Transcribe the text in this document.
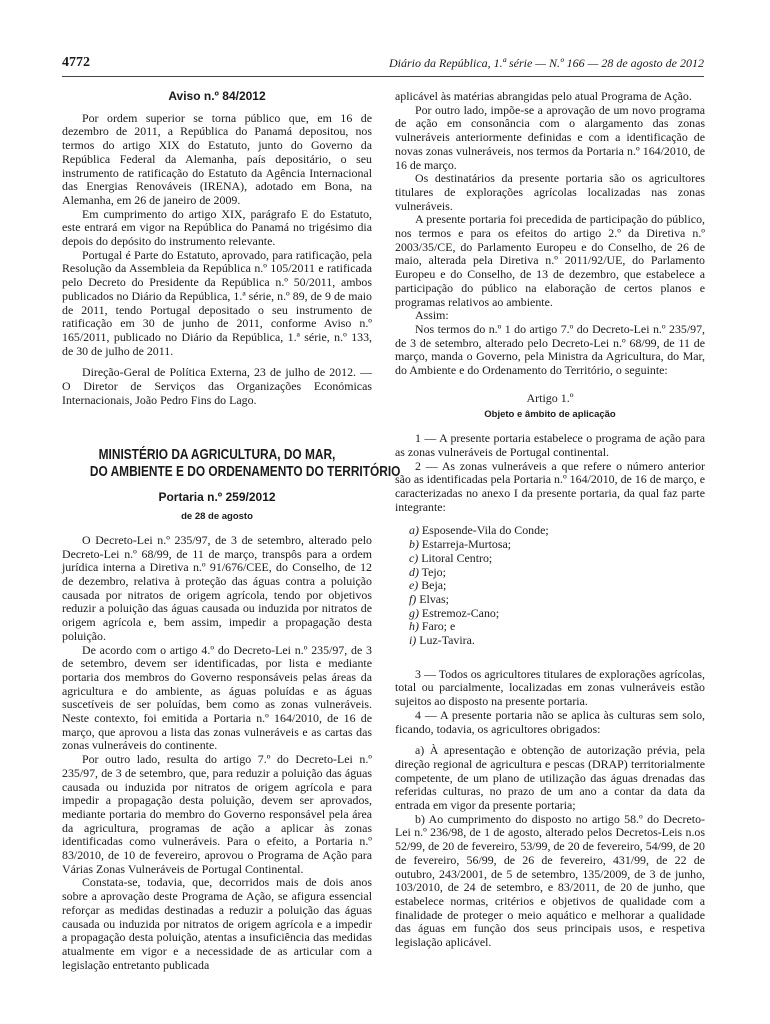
4772	Diário da República, 1.ª série — N.º 166 — 28 de agosto de 2012

Aviso n.º 84/2012

Por ordem superior se torna público que, em 16 de dezembro de 2011, a República do Panamá depositou, nos termos do artigo XIX do Estatuto, junto do Governo da República Federal da Alemanha, país depositário, o seu instrumento de ratificação do Estatuto da Agência Internacional das Energias Renováveis (IRENA), adotado em Bona, na Alemanha, em 26 de janeiro de 2009.

Em cumprimento do artigo XIX, parágrafo E do Estatuto, este entrará em vigor na República do Panamá no trigésimo dia depois do depósito do instrumento relevante.

Portugal é Parte do Estatuto, aprovado, para ratificação, pela Resolução da Assembleia da República n.º 105/2011 e ratificada pelo Decreto do Presidente da República n.º 50/2011, ambos publicados no Diário da República, 1.ª série, n.º 89, de 9 de maio de 2011, tendo Portugal depositado o seu instrumento de ratificação em 30 de junho de 2011, conforme Aviso n.º 165/2011, publicado no Diário da República, 1.ª série, n.º 133, de 30 de julho de 2011.

Direção-Geral de Política Externa, 23 de julho de 2012. — O Diretor de Serviços das Organizações Económicas Internacionais, João Pedro Fins do Lago.

MINISTÉRIO DA AGRICULTURA, DO MAR,
DO AMBIENTE E DO ORDENAMENTO DO TERRITÓRIO

Portaria n.º 259/2012

de 28 de agosto

O Decreto-Lei n.º 235/97, de 3 de setembro, alterado pelo Decreto-Lei n.º 68/99, de 11 de março, transpôs para a ordem jurídica interna a Diretiva n.º 91/676/CEE, do Conselho, de 12 de dezembro, relativa à proteção das águas contra a poluição causada por nitratos de origem agrícola, tendo por objetivos reduzir a poluição das águas causada ou induzida por nitratos de origem agrícola e, bem assim, impedir a propagação desta poluição.

De acordo com o artigo 4.º do Decreto-Lei n.º 235/97, de 3 de setembro, devem ser identificadas, por lista e mediante portaria dos membros do Governo responsáveis pelas áreas da agricultura e do ambiente, as águas poluídas e as águas suscetíveis de ser poluídas, bem como as zonas vulneráveis. Neste contexto, foi emitida a Portaria n.º 164/2010, de 16 de março, que aprovou a lista das zonas vulneráveis e as cartas das zonas vulneráveis do continente.

Por outro lado, resulta do artigo 7.º do Decreto-Lei n.º 235/97, de 3 de setembro, que, para reduzir a poluição das águas causada ou induzida por nitratos de origem agrícola e para impedir a propagação desta poluição, devem ser aprovados, mediante portaria do membro do Governo responsável pela área da agricultura, programas de ação a aplicar às zonas identificadas como vulneráveis. Para o efeito, a Portaria n.º 83/2010, de 10 de fevereiro, aprovou o Programa de Ação para Várias Zonas Vulneráveis de Portugal Continental.

Constata-se, todavia, que, decorridos mais de dois anos sobre a aprovação deste Programa de Ação, se afigura essencial reforçar as medidas destinadas a reduzir a poluição das águas causada ou induzida por nitratos de origem agrícola e a impedir a propagação desta poluição, atentas a insuficiência das medidas atualmente em vigor e a necessidade de as articular com a legislação entretanto publicada

aplicável às matérias abrangidas pelo atual Programa de Ação.

Por outro lado, impõe-se a aprovação de um novo programa de ação em consonância com o alargamento das zonas vulneráveis anteriormente definidas e com a identificação de novas zonas vulneráveis, nos termos da Portaria n.º 164/2010, de 16 de março.

Os destinatários da presente portaria são os agricultores titulares de explorações agrícolas localizadas nas zonas vulneráveis.

A presente portaria foi precedida de participação do público, nos termos e para os efeitos do artigo 2.º da Diretiva n.º 2003/35/CE, do Parlamento Europeu e do Conselho, de 26 de maio, alterada pela Diretiva n.º 2011/92/UE, do Parlamento Europeu e do Conselho, de 13 de dezembro, que estabelece a participação do público na elaboração de certos planos e programas relativos ao ambiente.

Assim:

Nos termos do n.º 1 do artigo 7.º do Decreto-Lei n.º 235/97, de 3 de setembro, alterado pelo Decreto-Lei n.º 68/99, de 11 de março, manda o Governo, pela Ministra da Agricultura, do Mar, do Ambiente e do Ordenamento do Território, o seguinte:

Artigo 1.º

Objeto e âmbito de aplicação

1 — A presente portaria estabelece o programa de ação para as zonas vulneráveis de Portugal continental.

2 — As zonas vulneráveis a que refere o número anterior são as identificadas pela Portaria n.º 164/2010, de 16 de março, e caracterizadas no anexo I da presente portaria, da qual faz parte integrante:

a) Esposende-Vila do Conde;
b) Estarreja-Murtosa;
c) Litoral Centro;
d) Tejo;
e) Beja;
f) Elvas;
g) Estremoz-Cano;
h) Faro; e
i) Luz-Tavira.

3 — Todos os agricultores titulares de explorações agrícolas, total ou parcialmente, localizadas em zonas vulneráveis estão sujeitos ao disposto na presente portaria.

4 — A presente portaria não se aplica às culturas sem solo, ficando, todavia, os agricultores obrigados:

a) À apresentação e obtenção de autorização prévia, pela direção regional de agricultura e pescas (DRAP) territorialmente competente, de um plano de utilização das águas drenadas das referidas culturas, no prazo de um ano a contar da data da entrada em vigor da presente portaria;

b) Ao cumprimento do disposto no artigo 58.º do Decreto-Lei n.º 236/98, de 1 de agosto, alterado pelos Decretos-Leis n.os 52/99, de 20 de fevereiro, 53/99, de 20 de fevereiro, 54/99, de 20 de fevereiro, 56/99, de 26 de fevereiro, 431/99, de 22 de outubro, 243/2001, de 5 de setembro, 135/2009, de 3 de junho, 103/2010, de 24 de setembro, e 83/2011, de 20 de junho, que estabelece normas, critérios e objetivos de qualidade com a finalidade de proteger o meio aquático e melhorar a qualidade das águas em função dos seus principais usos, e respetiva legislação aplicável.
